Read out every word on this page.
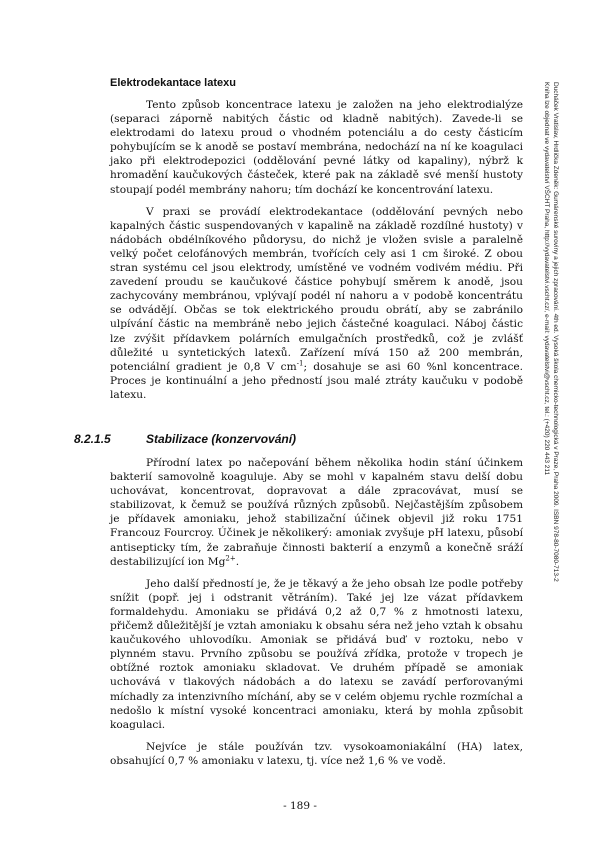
Elektrodekantace latexu

Tento způsob koncentrace latexu je založen na jeho elektrodialýze (separaci záporně nabitých částic od kladně nabitých). Zavede-li se elektrodami do latexu proud o vhodném potenciálu a do cesty částicím pohybujícím se k anodě se postaví membrána, nedochází na ní ke koagulaci jako při elektrodepozici (oddělování pevné látky od kapaliny), nýbrž k hromadění kaučukových částeček, které pak na základě své menší hustoty stoupají podél membrány nahoru; tím dochází ke koncentrování latexu.

V praxi se provádí elektrodekantace (oddělování pevných nebo kapalných částic suspendovaných v kapalině na základě rozdílné hustoty) v nádobách obdélníkového půdorysu, do nichž je vložen svisle a paralelně velký počet celofánových membrán, tvořících cely asi 1 cm široké. Z obou stran systému cel jsou elektrody, umístěné ve vodném vodivém médiu. Při zavedení proudu se kaučukové částice pohybují směrem k anodě, jsou zachycovány membránou, vplývají podél ní nahoru a v podobě koncentrátu se odvádějí. Občas se tok elektrického proudu obrátí, aby se zabránilo ulpívání částic na membráně nebo jejich částečné koagulaci. Náboj částic lze zvýšit přídavkem polárních emulgačních prostředků, což je zvlášť důležité u syntetických latexů. Zařízení mívá 150 až 200 membrán, potenciální gradient je 0,8 V $cm^{-1}$; dosahuje se asi 60 %nl koncentrace. Proces je kontinuální a jeho předností jsou malé ztráty kaučuku v podobě latexu.

8.2.1.5	Stabilizace (konzervování)

Přírodní latex po načepování během několika hodin stání účinkem bakterií samovolně koaguluje. Aby se mohl v kapalném stavu delší dobu uchovávat, koncentrovat, dopravovat a dále zpracovávat, musí se stabilizovat, k čemuž se používá různých způsobů. Nejčastějším způsobem je přídavek amoniaku, jehož stabilizační účinek objevil již roku 1751 Francouz Fourcroy. Účinek je několikerý: amoniak zvyšuje pH latexu, působí antisepticky tím, že zabraňuje činnosti bakterií a enzymů a konečně sráží destabilizující ion $Mg^{2+}$.

Jeho další předností je, že je těkavý a že jeho obsah lze podle potřeby snížit (popř. jej i odstranit větráním). Také jej lze vázat přídavkem formaldehydu. Amoniaku se přidává 0,2 až 0,7 % z hmotnosti latexu, přičemž důležitější je vztah amoniaku k obsahu séra než jeho vztah k obsahu kaučukového uhlovodíku. Amoniak se přidává buď v roztoku, nebo v plynném stavu. Prvního způsobu se používá zřídka, protože v tropech je obtížné roztok amoniaku skladovat. Ve druhém případě se amoniak uchovává v tlakových nádobách a do latexu se zavádí perforovanými míchadly za intenzivního míchání, aby se v celém objemu rychle rozmíchal a nedošlo k místní vysoké koncentraci amoniaku, která by mohla způsobit koagulaci.

Nejvíce je stále používán tzv. vysokoamoniakální (HA) latex, obsahující 0,7 % amoniaku v latexu, tj. více než 1,6 % ve vodě.

- 189 -
Ducháček Vratislav, Hrdlička Zdeněk: Gumárenské suroviny a jejich zpracování. 4th ed. Vysoká škola chemicko-technologická v Praze, Praha 2009. ISBN 978-80-7080-713-2
Kniha lze objednat ve vydavatelství VŠCHT Praha, http://vydavatelstvi.vscht.cz/, e-mail: vydavatelstvi@vscht.cz, tel.: (+420) 220 443 211
